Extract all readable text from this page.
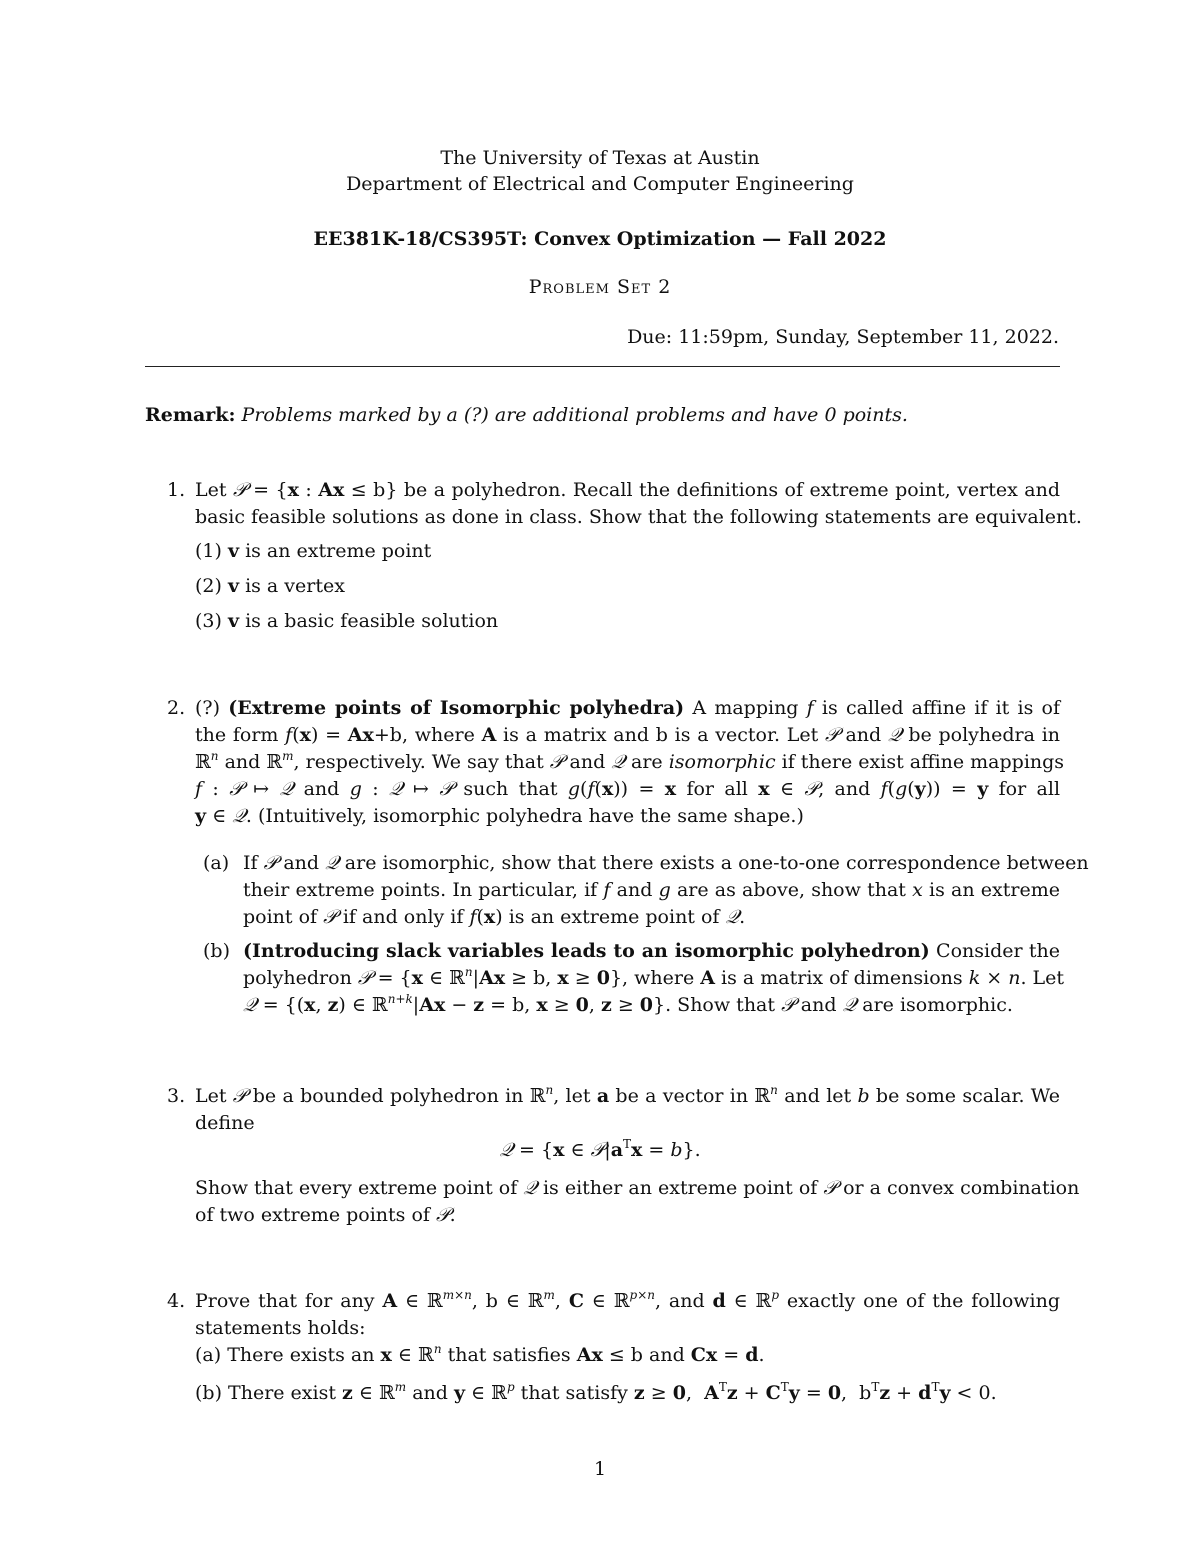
The University of Texas at Austin
Department of Electrical and Computer Engineering
EE381K-18/CS395T: Convex Optimization — Fall 2022
Problem Set 2
Due: 11:59pm, Sunday, September 11, 2022.
Remark: Problems marked by a (?) are additional problems and have 0 points.
1. Let 𝒫 = {x : Ax ≤ b} be a polyhedron. Recall the definitions of extreme point, vertex and
basic feasible solutions as done in class. Show that the following statements are equivalent.
(1) v is an extreme point
(2) v is a vertex
(3) v is a basic feasible solution
2. (?) (Extreme points of Isomorphic polyhedra) A mapping f is called affine if it is of
the form f(x) = Ax+b, where A is a matrix and b is a vector. Let 𝒫 and 𝒬 be polyhedra in
ℝ$^n$ and ℝ$^m$, respectively. We say that 𝒫 and 𝒬 are isomorphic if there exist affine mappings
f : 𝒫 ↦ 𝒬 and g : 𝒬 ↦ 𝒫 such that g(f(x)) = x for all x ∈ 𝒫, and f(g(y)) = y for all
y ∈ 𝒬. (Intuitively, isomorphic polyhedra have the same shape.)
(a) If 𝒫 and 𝒬 are isomorphic, show that there exists a one-to-one correspondence between
their extreme points. In particular, if f and g are as above, show that x is an extreme
point of 𝒫 if and only if f(x) is an extreme point of 𝒬.
(b) (Introducing slack variables leads to an isomorphic polyhedron) Consider the
polyhedron 𝒫 = {x ∈ ℝ$^n$|Ax ≥ b, x ≥ 0}, where A is a matrix of dimensions k × n. Let
𝒬 = {(x, z) ∈ ℝ$^{n+k}$|Ax − z = b, x ≥ 0, z ≥ 0}. Show that 𝒫 and 𝒬 are isomorphic.
3. Let 𝒫 be a bounded polyhedron in ℝ$^n$, let a be a vector in ℝ$^n$ and let b be some scalar. We
define
𝒬 = {x ∈ $𝒫|a^Tx = b$}.
Show that every extreme point of 𝒬 is either an extreme point of 𝒫 or a convex combination
of two extreme points of 𝒫.
4. Prove that for any A ∈ ℝ$^{m\times n}$, b ∈ ℝ$^m$, C ∈ ℝ$^{p\times n}$, and d ∈ ℝ$^p$ exactly one of the following
statements holds:
(a) There exists an x ∈ ℝ$^n$ that satisfies Ax ≤ b and Cx = d.
(b) There exist z ∈ ℝ$^m$ and y ∈ ℝ$^p$ that satisfy z ≥ 0,  $A^Tz + C^Ty = 0$,  $b^Tz + d^Ty < 0$.
1
